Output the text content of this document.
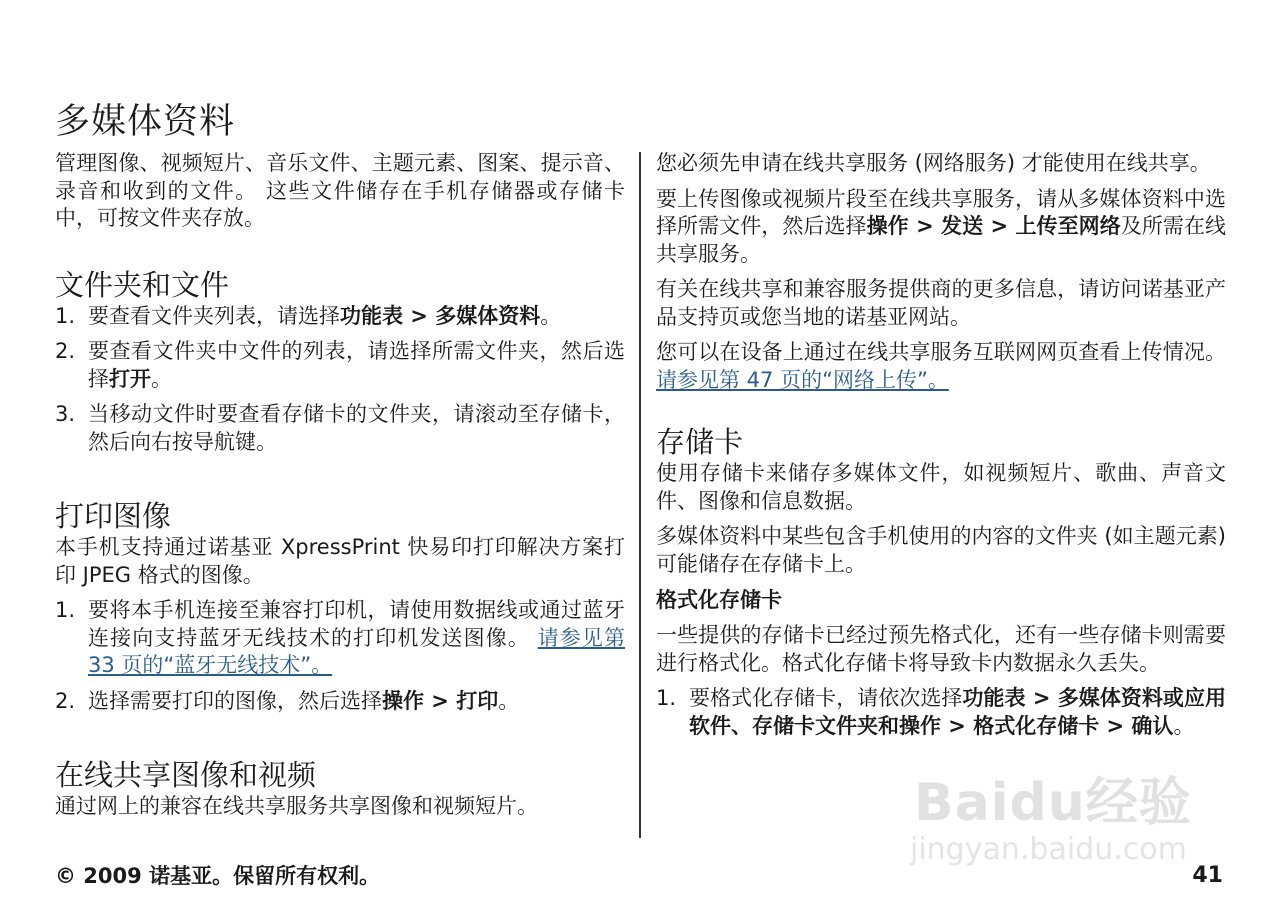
多媒体资料

管理图像、视频短片、音乐文件、主题元素、图案、提示音、录音和收到的文件。 这些文件储存在手机存储器或存储卡中，可按文件夹存放。

文件夹和文件
1. 要查看文件夹列表，请选择功能表 > 多媒体资料。
2. 要查看文件夹中文件的列表，请选择所需文件夹，然后选择打开。
3. 当移动文件时要查看存储卡的文件夹，请滚动至存储卡，然后向右按导航键。
打印图像

本手机支持通过诺基亚 XpressPrint 快易印打印解决方案打印 JPEG 格式的图像。

1. 要将本手机连接至兼容打印机，请使用数据线或通过蓝牙连接向支持蓝牙无线技术的打印机发送图像。 请参见第 33 页的“蓝牙无线技术”。
2. 选择需要打印的图像，然后选择操作 > 打印。
在线共享图像和视频

通过网上的兼容在线共享服务共享图像和视频短片。

您必须先申请在线共享服务 (网络服务) 才能使用在线共享。

要上传图像或视频片段至在线共享服务，请从多媒体资料中选择所需文件，然后选择操作 > 发送 > 上传至网络及所需在线共享服务。

有关在线共享和兼容服务提供商的更多信息，请访问诺基亚产品支持页或您当地的诺基亚网站。

您可以在设备上通过在线共享服务互联网网页查看上传情况。 请参见第 47 页的“网络上传”。

存储卡

使用存储卡来储存多媒体文件，如视频短片、歌曲、声音文件、图像和信息数据。

多媒体资料中某些包含手机使用的内容的文件夹 (如主题元素) 可能储存在存储卡上。

格式化存储卡

一些提供的存储卡已经过预先格式化，还有一些存储卡则需要进行格式化。格式化存储卡将导致卡内数据永久丢失。

1. 要格式化存储卡，请依次选择功能表 > 多媒体资料或应用软件、存储卡文件夹和操作 > 格式化存储卡 > 确认。
Baidu经验
jingyan.baidu.com
© 2009 诺基亚。保留所有权利。	41
